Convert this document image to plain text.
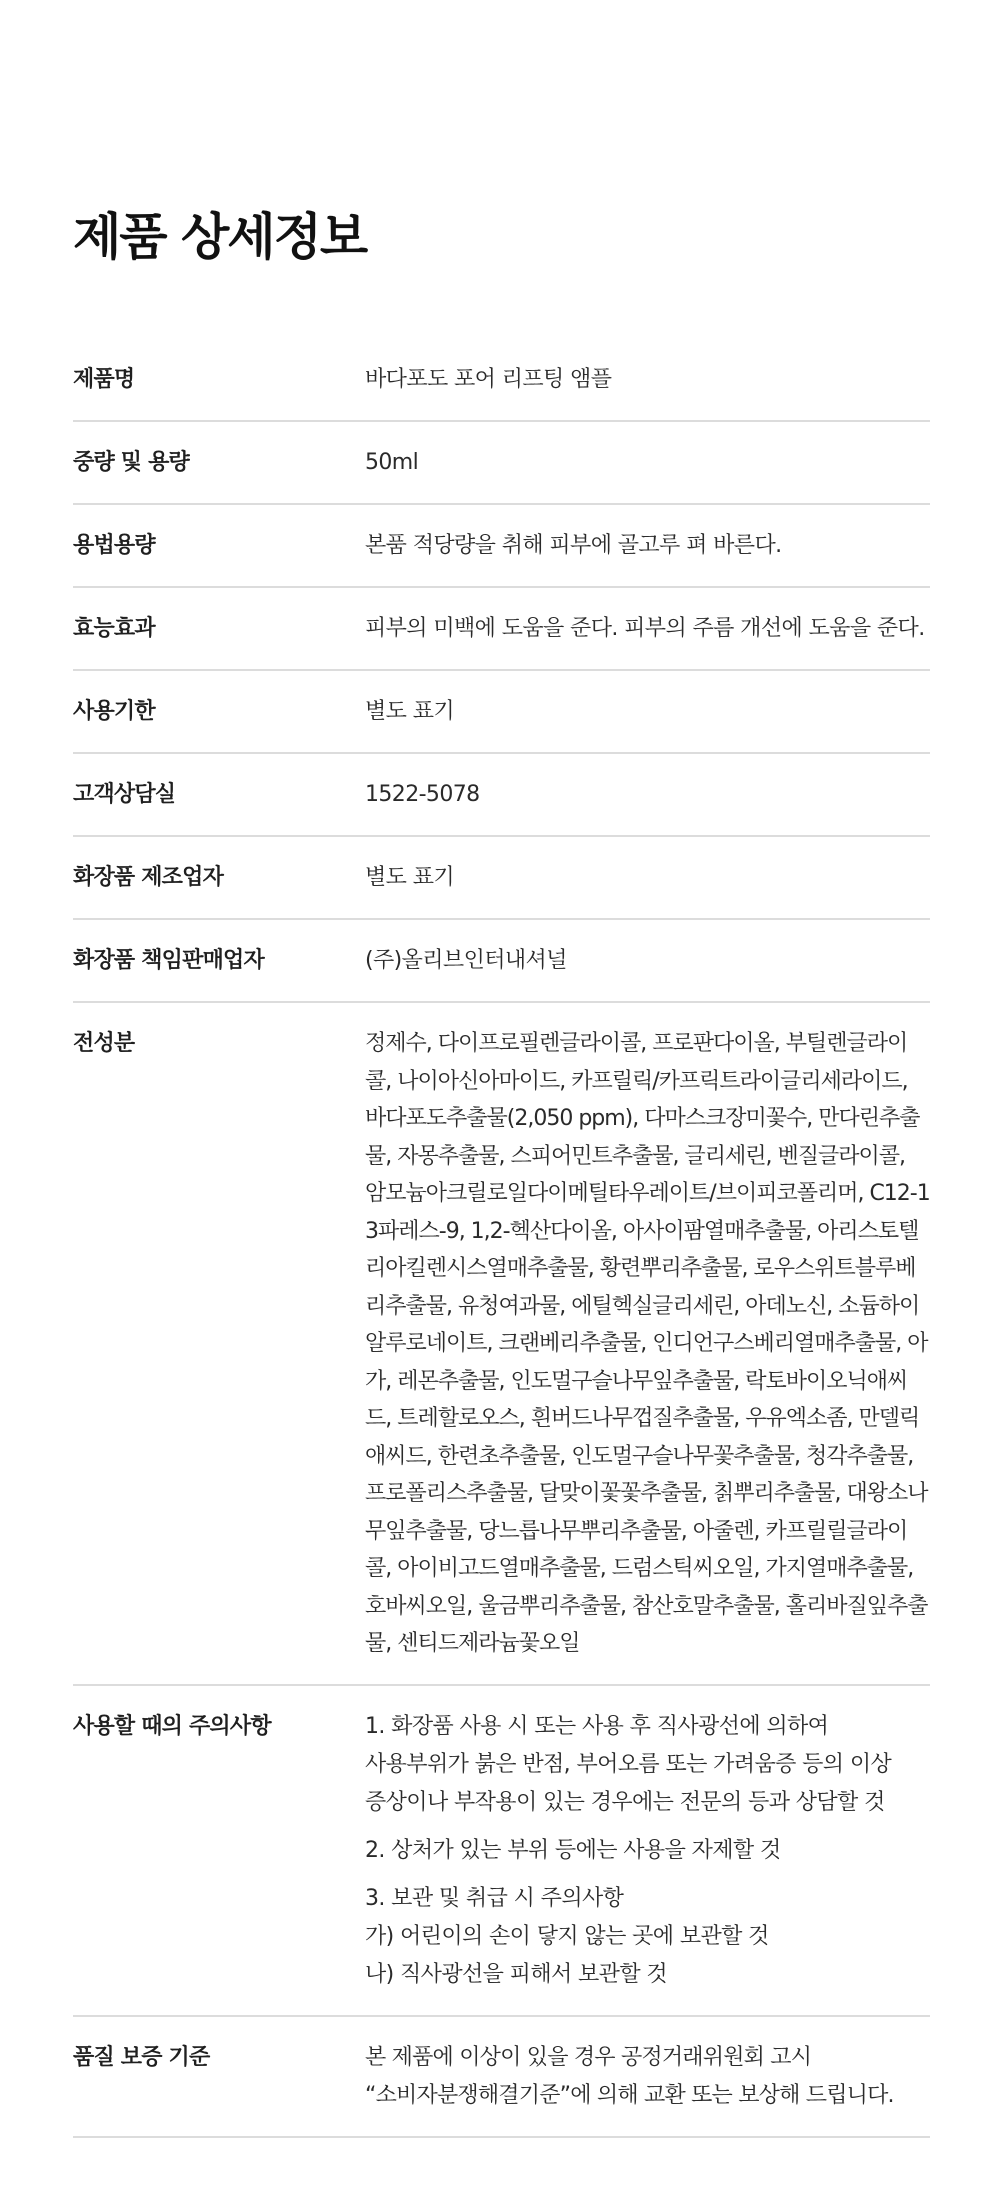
제품 상세정보
제품명	바다포도 포어 리프팅 앰플
중량 및 용량	50ml
용법용량	본품 적당량을 취해 피부에 골고루 펴 바른다.
효능효과	피부의 미백에 도움을 준다. 피부의 주름 개선에 도움을 준다.
사용기한	별도 표기
고객상담실	1522-5078
화장품 제조업자	별도 표기
화장품 책임판매업자	(주)올리브인터내셔널
전성분	정제수, 다이프로필렌글라이콜, 프로판다이올, 부틸렌글라이콜, 나이아신아마이드, 카프릴릭/카프릭트라이글리세라이드, 바다포도추출물(2,050 ppm), 다마스크장미꽃수, 만다린추출물, 자몽추출물, 스피어민트추출물, 글리세린, 벤질글라이콜, 암모늄아크릴로일다이메틸타우레이트/브이피코폴리머, C12-13파레스-9, 1,2-헥산다이올, 아사이팜열매추출물, 아리스토텔리아킬렌시스열매추출물, 황련뿌리추출물, 로우스위트블루베리추출물, 유청여과물, 에틸헥실글리세린, 아데노신, 소듐하이알루로네이트, 크랜베리추출물, 인디언구스베리열매추출물, 아가, 레몬추출물, 인도멀구슬나무잎추출물, 락토바이오닉애씨드, 트레할로오스, 흰버드나무껍질추출물, 우유엑소좀, 만델릭애씨드, 한련초추출물, 인도멀구슬나무꽃추출물, 청각추출물, 프로폴리스추출물, 달맞이꽃꽃추출물, 칡뿌리추출물, 대왕소나무잎추출물, 당느릅나무뿌리추출물, 아줄렌, 카프릴릴글라이콜, 아이비고드열매추출물, 드럼스틱씨오일, 가지열매추출물, 호바씨오일, 울금뿌리추출물, 참산호말추출물, 홀리바질잎추출물, 센티드제라늄꽃오일
사용할 때의 주의사항	1. 화장품 사용 시 또는 사용 후 직사광선에 의하여 사용부위가 붉은 반점, 부어오름 또는 가려움증 등의 이상 증상이나 부작용이 있는 경우에는 전문의 등과 상담할 것

2. 상처가 있는 부위 등에는 사용을 자제할 것

3. 보관 및 취급 시 주의사항
가) 어린이의 손이 닿지 않는 곳에 보관할 것
나) 직사광선을 피해서 보관할 것

품질 보증 기준	본 제품에 이상이 있을 경우 공정거래위원회 고시 “소비자분쟁해결기준”에 의해 교환 또는 보상해 드립니다.
